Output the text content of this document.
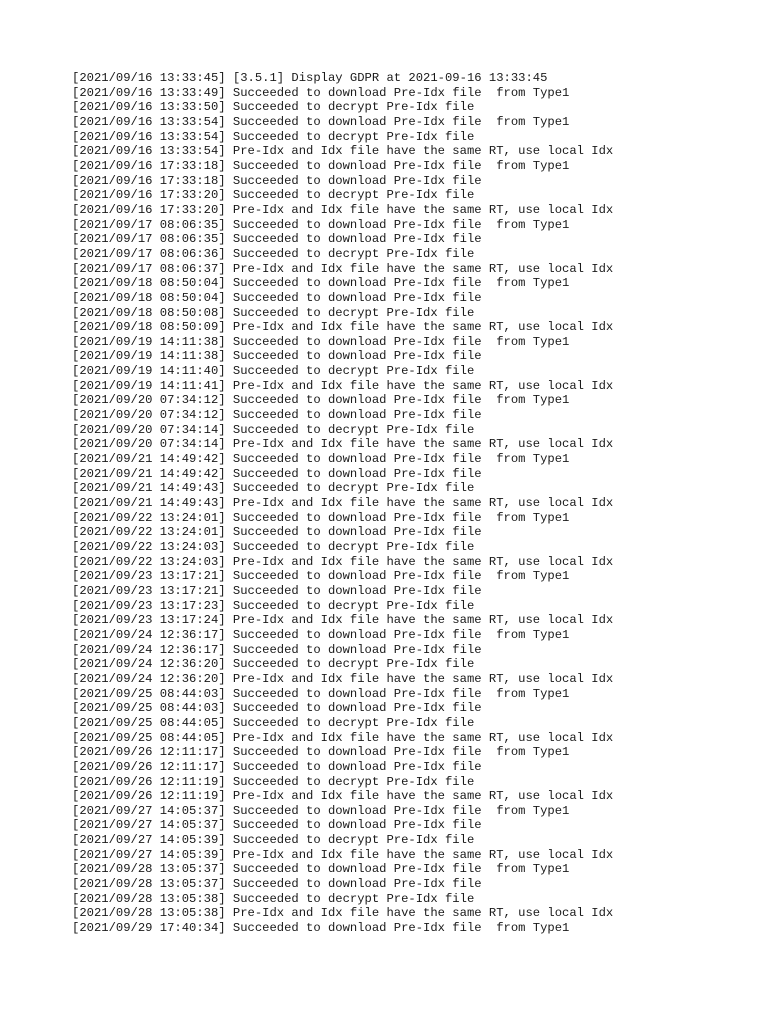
[2021/09/16 13:33:45] [3.5.1] Display GDPR at 2021-09-16 13:33:45
[2021/09/16 13:33:49] Succeeded to download Pre-Idx file  from Type1
[2021/09/16 13:33:50] Succeeded to decrypt Pre-Idx file
[2021/09/16 13:33:54] Succeeded to download Pre-Idx file  from Type1
[2021/09/16 13:33:54] Succeeded to decrypt Pre-Idx file
[2021/09/16 13:33:54] Pre-Idx and Idx file have the same RT, use local Idx
[2021/09/16 17:33:18] Succeeded to download Pre-Idx file  from Type1
[2021/09/16 17:33:18] Succeeded to download Pre-Idx file
[2021/09/16 17:33:20] Succeeded to decrypt Pre-Idx file
[2021/09/16 17:33:20] Pre-Idx and Idx file have the same RT, use local Idx
[2021/09/17 08:06:35] Succeeded to download Pre-Idx file  from Type1
[2021/09/17 08:06:35] Succeeded to download Pre-Idx file
[2021/09/17 08:06:36] Succeeded to decrypt Pre-Idx file
[2021/09/17 08:06:37] Pre-Idx and Idx file have the same RT, use local Idx
[2021/09/18 08:50:04] Succeeded to download Pre-Idx file  from Type1
[2021/09/18 08:50:04] Succeeded to download Pre-Idx file
[2021/09/18 08:50:08] Succeeded to decrypt Pre-Idx file
[2021/09/18 08:50:09] Pre-Idx and Idx file have the same RT, use local Idx
[2021/09/19 14:11:38] Succeeded to download Pre-Idx file  from Type1
[2021/09/19 14:11:38] Succeeded to download Pre-Idx file
[2021/09/19 14:11:40] Succeeded to decrypt Pre-Idx file
[2021/09/19 14:11:41] Pre-Idx and Idx file have the same RT, use local Idx
[2021/09/20 07:34:12] Succeeded to download Pre-Idx file  from Type1
[2021/09/20 07:34:12] Succeeded to download Pre-Idx file
[2021/09/20 07:34:14] Succeeded to decrypt Pre-Idx file
[2021/09/20 07:34:14] Pre-Idx and Idx file have the same RT, use local Idx
[2021/09/21 14:49:42] Succeeded to download Pre-Idx file  from Type1
[2021/09/21 14:49:42] Succeeded to download Pre-Idx file
[2021/09/21 14:49:43] Succeeded to decrypt Pre-Idx file
[2021/09/21 14:49:43] Pre-Idx and Idx file have the same RT, use local Idx
[2021/09/22 13:24:01] Succeeded to download Pre-Idx file  from Type1
[2021/09/22 13:24:01] Succeeded to download Pre-Idx file
[2021/09/22 13:24:03] Succeeded to decrypt Pre-Idx file
[2021/09/22 13:24:03] Pre-Idx and Idx file have the same RT, use local Idx
[2021/09/23 13:17:21] Succeeded to download Pre-Idx file  from Type1
[2021/09/23 13:17:21] Succeeded to download Pre-Idx file
[2021/09/23 13:17:23] Succeeded to decrypt Pre-Idx file
[2021/09/23 13:17:24] Pre-Idx and Idx file have the same RT, use local Idx
[2021/09/24 12:36:17] Succeeded to download Pre-Idx file  from Type1
[2021/09/24 12:36:17] Succeeded to download Pre-Idx file
[2021/09/24 12:36:20] Succeeded to decrypt Pre-Idx file
[2021/09/24 12:36:20] Pre-Idx and Idx file have the same RT, use local Idx
[2021/09/25 08:44:03] Succeeded to download Pre-Idx file  from Type1
[2021/09/25 08:44:03] Succeeded to download Pre-Idx file
[2021/09/25 08:44:05] Succeeded to decrypt Pre-Idx file
[2021/09/25 08:44:05] Pre-Idx and Idx file have the same RT, use local Idx
[2021/09/26 12:11:17] Succeeded to download Pre-Idx file  from Type1
[2021/09/26 12:11:17] Succeeded to download Pre-Idx file
[2021/09/26 12:11:19] Succeeded to decrypt Pre-Idx file
[2021/09/26 12:11:19] Pre-Idx and Idx file have the same RT, use local Idx
[2021/09/27 14:05:37] Succeeded to download Pre-Idx file  from Type1
[2021/09/27 14:05:37] Succeeded to download Pre-Idx file
[2021/09/27 14:05:39] Succeeded to decrypt Pre-Idx file
[2021/09/27 14:05:39] Pre-Idx and Idx file have the same RT, use local Idx
[2021/09/28 13:05:37] Succeeded to download Pre-Idx file  from Type1
[2021/09/28 13:05:37] Succeeded to download Pre-Idx file
[2021/09/28 13:05:38] Succeeded to decrypt Pre-Idx file
[2021/09/28 13:05:38] Pre-Idx and Idx file have the same RT, use local Idx
[2021/09/29 17:40:34] Succeeded to download Pre-Idx file  from Type1
